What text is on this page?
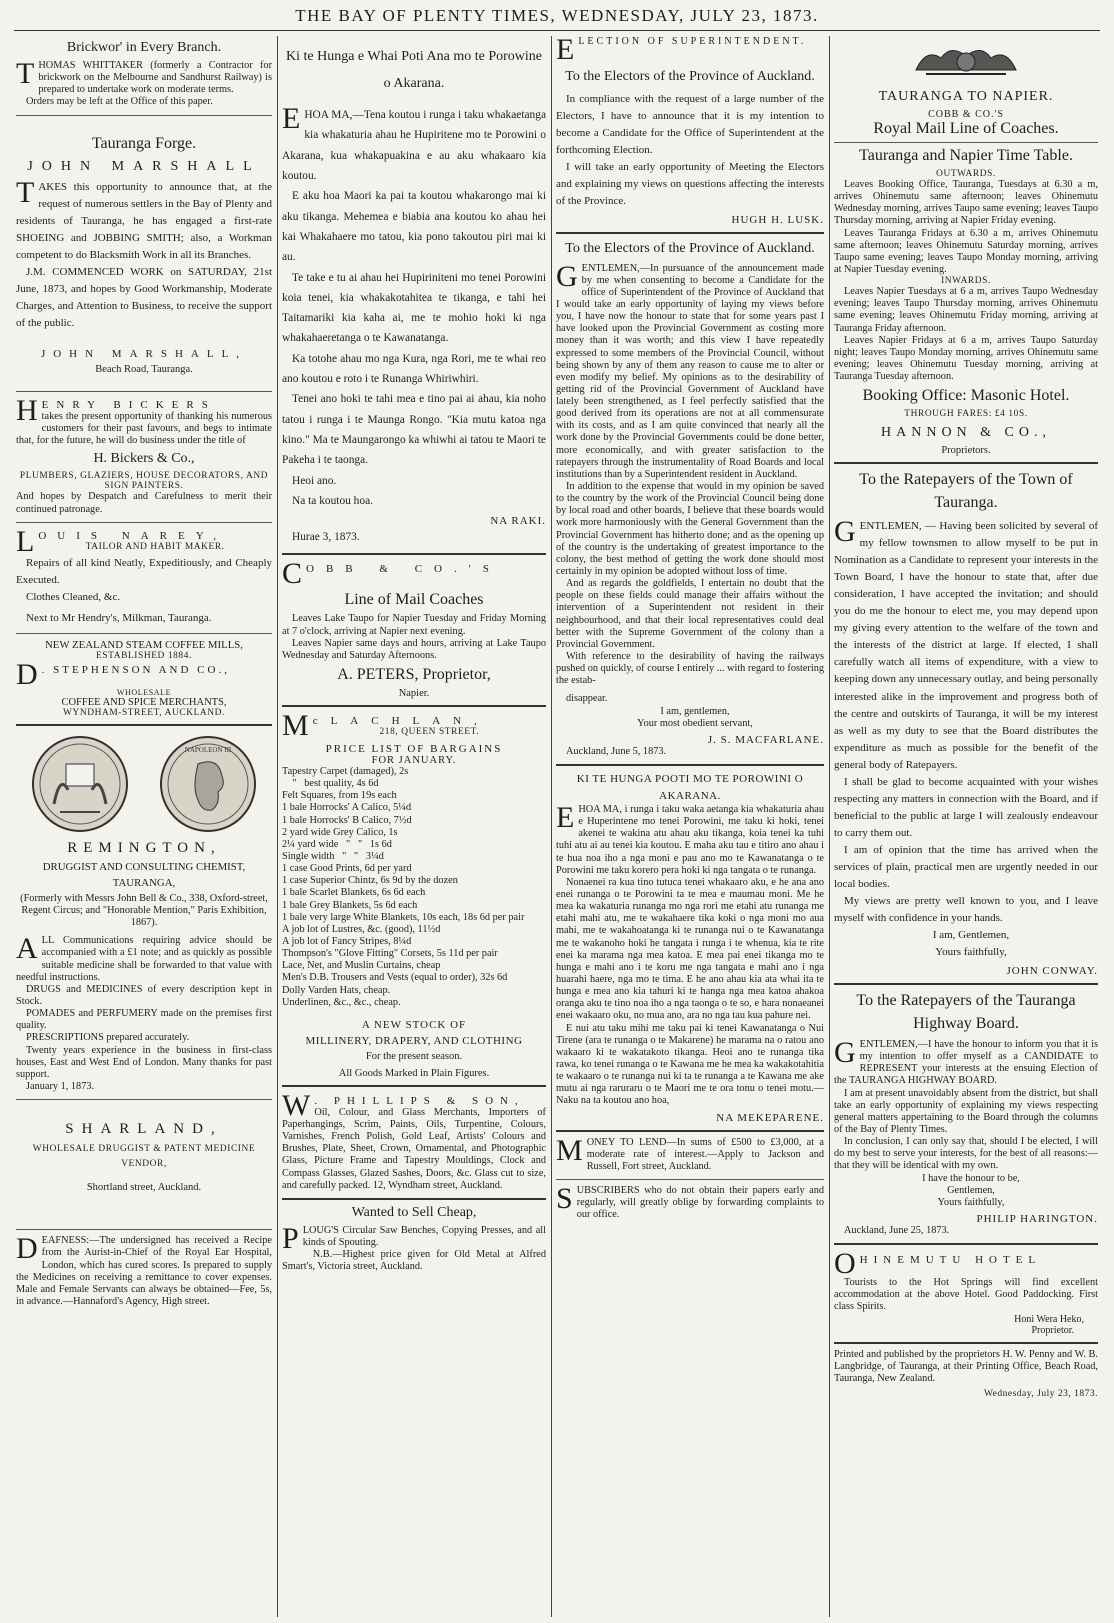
THE BAY OF PLENTY TIMES, WEDNESDAY, JULY 23, 1873.
Brickwor' in Every Branch.

THOMAS WHITTAKER (formerly a Contractor for brickwork on the Melbourne and Sandhurst Railway) is prepared to undertake work on moderate terms.

Orders may be left at the Office of this paper.

Tauranga Forge.
JOHN MARSHALL

TAKES this opportunity to announce that, at the request of numerous settlers in the Bay of Plenty and residents of Tauranga, he has engaged a first-rate SHOEING and JOBBING SMITH; also, a Workman competent to do Blacksmith Work in all its Branches.

J.M. COMMENCED WORK on SATURDAY, 21st June, 1873, and hopes by Good Workmanship, Moderate Charges, and Attention to Business, to receive the support of the public.

JOHN MARSHALL,
Beach Road, Tauranga.
H ENRY BICKERS

takes the present opportunity of thanking his numerous customers for their past favours, and begs to intimate that, for the future, he will do business under the title of

H. Bickers & Co.,
PLUMBERS, GLAZIERS, HOUSE DECORATORS, AND SIGN PAINTERS.

And hopes by Despatch and Carefulness to merit their continued patronage.

L OUIS NAREY,
TAILOR AND HABIT MAKER.

Repairs of all kind Neatly, Expeditiously, and Cheaply Executed.

Clothes Cleaned, &c.

Next to Mr Hendry's, Milkman, Tauranga.

NEW ZEALAND STEAM COFFEE MILLS,
ESTABLISHED 1884.
D . STEPHENSON AND CO.,
WHOLESALE
COFFEE AND SPICE MERCHANTS,
WYNDHAM-STREET, AUCKLAND.
NAPOLEON III
REMINGTON,
DRUGGIST AND CONSULTING CHEMIST,
TAURANGA,

(Formerly with Messrs John Bell & Co., 338, Oxford-street, Regent Circus; and "Honorable Mention," Paris Exhibition, 1867).

ALL Communications requiring advice should be accompanied with a £1 note; and as quickly as possible suitable medicine shall be forwarded to that value with needful instructions.

DRUGS and MEDICINES of every description kept in Stock.

POMADES and PERFUMERY made on the premises first quality.

PRESCRIPTIONS prepared accurately.

Twenty years experience in the business in first-class houses, East and West End of London. Many thanks for past support.

January 1, 1873.

SHARLAND,
WHOLESALE DRUGGIST & PATENT MEDICINE VENDOR,
Shortland street, Auckland.

DEAFNESS:—The undersigned has received a Recipe from the Aurist-in-Chief of the Royal Ear Hospital, London, which has cured scores. Is prepared to supply the Medicines on receiving a remittance to cover expenses. Male and Female Servants can always be obtained—Fee, 5s, in advance.—Hannaford's Agency, High street.

Ki te Hunga e Whai Poti Ana mo te Porowine o Akarana.

EHOA MA,—Tena koutou i runga i taku whakaetanga kia whakaturia ahau he Hupiritene mo te Porowini o Akarana, kua whakapuakina e au aku whakaaro kia koutou.

E aku hoa Maori ka pai ta koutou whakarongo mai ki aku tikanga. Mehemea e biabia ana koutou ko ahau hei kai Whakahaere mo tatou, kia pono takoutou piri mai ki au.

Te take e tu ai ahau hei Hupiriniteni mo tenei Porowini koia tenei, kia whakakotahitea te tikanga, e tahi hei Taitamariki kia kaha ai, me te mohio hoki ki nga whakahaeretanga o te Kawanatanga.

Ka totohe ahau mo nga Kura, nga Rori, me te whai reo ano koutou e roto i te Runanga Whiriwhiri.

Tenei ano hoki te tahi mea e tino pai ai ahau, kia noho tatou i runga i te Maunga Rongo. "Kia mutu katoa nga kino." Ma te Maungarongo ka whiwhi ai tatou te Maori te Pakeha i te taonga.

Heoi ano.

Na ta koutou hoa.

NA RAKI.

Hurae 3, 1873.

C OBB & CO.'S
Line of Mail Coaches

Leaves Lake Taupo for Napier Tuesday and Friday Morning at 7 o'clock, arriving at Napier next evening.

Leaves Napier same days and hours, arriving at Lake Taupo Wednesday and Saturday Afternoons.

A. PETERS, Proprietor,
Napier.
M cLACHLAN,
218, QUEEN STREET.
PRICE LIST OF BARGAINS
FOR JANUARY.

Tapestry Carpet (damaged), 2s

"   best quality, 4s 6d

Felt Squares, from 19s each

1 bale Horrocks' A Calico, 5¼d

1 bale Horrocks' B Calico, 7½d

2 yard wide Grey Calico, 1s

2¼ yard wide   "   "   1s 6d

Single width   "   "   3¼d

1 case Good Prints, 6d per yard

1 case Superior Chintz, 6s 9d by the dozen

1 bale Scarlet Blankets, 6s 6d each

1 bale Grey Blankets, 5s 6d each

1 bale very large White Blankets, 10s each, 18s 6d per pair

A job lot of Lustres, &c. (good), 11½d

A job lot of Fancy Stripes, 8¼d

Thompson's "Glove Fitting" Corsets, 5s 11d per pair

Lace, Net, and Muslin Curtains, cheap

Men's D.B. Trousers and Vests (equal to order), 32s 6d

Dolly Varden Hats, cheap.

Underlinen, &c., &c., cheap.

A NEW STOCK OF
MILLINERY, DRAPERY, AND CLOTHING
For the present season.
All Goods Marked in Plain Figures.
W . PHILLIPS & SON,

Oil, Colour, and Glass Merchants, Importers of Paperhangings, Scrim, Paints, Oils, Turpentine, Colours, Varnishes, French Polish, Gold Leaf, Artists' Colours and Brushes, Plate, Sheet, Crown, Ornamental, and Photographic Glass, Picture Frame and Tapestry Mouldings, Clock and Compass Glasses, Glazed Sashes, Doors, &c. Glass cut to size, and carefully packed. 12, Wyndham street, Auckland.

Wanted to Sell Cheap,

PLOUG'S Circular Saw Benches, Copying Presses, and all kinds of Spouting.

N.B.—Highest price given for Old Metal at Alfred Smart's, Victoria street, Auckland.

E LECTION OF SUPERINTENDENT.
To the Electors of the Province of Auckland.

In compliance with the request of a large number of the Electors, I have to announce that it is my intention to become a Candidate for the Office of Superintendent at the forthcoming Election.

I will take an early opportunity of Meeting the Electors and explaining my views on questions affecting the interests of the Province.

HUGH H. LUSK.
To the Electors of the Province of Auckland.

GENTLEMEN,—In pursuance of the announcement made by me when consenting to become a Candidate for the office of Superintendent of the Province of Auckland that I would take an early opportunity of laying my views before you, I have now the honour to state that for some years past I have looked upon the Provincial Government as costing more money than it was worth; and this view I have repeatedly expressed to some members of the Provincial Council, without being shown by any of them any reason to cause me to alter or even modify my belief. My opinions as to the desirability of getting rid of the Provincial Government of Auckland have lately been strengthened, as I feel perfectly satisfied that the good derived from its operations are not at all commensurate with its costs, and as I am quite convinced that nearly all the work done by the Provincial Governments could be done better, more economically, and with greater satisfaction to the ratepayers through the instrumentality of Road Boards and local institutions than by a Superintendent resident in Auckland.

In addition to the expense that would in my opinion be saved to the country by the work of the Provincial Council being done by local road and other boards, I believe that these boards would work more harmoniously with the General Government than the Provincial Government has hitherto done; and as the opening up of the country is the undertaking of greatest importance to the colony, the best method of getting the work done should most certainly in my opinion be adopted without loss of time.

And as regards the goldfields, I entertain no doubt that the people on these fields could manage their affairs without the intervention of a Superintendent not resident in their neighbourhood, and that their local representatives could deal better with the Supreme Government of the colony than a Provincial Government.

With reference to the desirability of having the railways pushed on quickly, of course I entirely ... with regard to fostering the estab-

disappear.

I am, gentlemen,

Your most obedient servant,

J. S. MACFARLANE.

Auckland, June 5, 1873.

KI TE HUNGA POOTI MO TE POROWINI O AKARANA.

EHOA MA, i runga i taku waka aetanga kia whakaturia ahau e Huperintene mo tenei Porowini, me taku ki hoki, tenei akenei te wakina atu ahau aku tikanga, koia tenei ka tuhi tuhi atu ai au tenei kia koutou. E maha aku tau e titiro ano ahau i te hua noa iho a nga moni e pau ano mo te Kawanatanga o te Porowini me taku korero pera hoki ki nga tangata o te runanga.

Nonaenei ra kua tino tutuca tenei whakaaro aku, e he ana ano enei runanga o te Porowini ta te mea e maumau moni. Me he mea ka wakaturia runanga mo nga rori me etahi atu runanga me etahi mahi atu, me te wakahaere tika koki o nga moni mo aua mahi, me te wakahoatanga ki te runanga nui o te Kawanatanga me te wakanoho hoki he tangata i runga i te whenua, kia te rite enei ka marama nga mea katoa. E mea pai enei tikanga mo te hunga e mahi ano i te koru me nga tangata e mahi ano i nga huarahi haere, nga mo te tima. E he ano ahau kia ata whai ita te hunga e mea ano kia tahuri ki te hanga nga mea katoa ahakoa oranga aku te tino noa iho a nga taonga o te so, e hara nonaeanei enei wakaaro oku, no mua ano, ara no nga tau kua pahure nei.

E nui atu taku mihi me taku pai ki tenei Kawanatanga o Nui Tirene (ara te runanga o te Makarene) he marama na o ratou ano wakaaro ki te wakatakoto tikanga. Heoi ano te runanga tika rawa, ko tenei runanga o te Kawana me he mea ka wakakotahitia te wakaaro o te runanga nui ki ta te runanga a te Kawana me ake mutu ai nga raruraru o te Maori me te ora tonu o tenei motu.—Naku na ta koutou ano hoa,

NA MEKEPARENE.

MONEY TO LEND—In sums of £500 to £3,000, at a moderate rate of interest.—Apply to Jackson and Russell, Fort street, Auckland.

SUBSCRIBERS who do not obtain their papers early and regularly, will greatly oblige by forwarding complaints to our office.

TAURANGA TO NAPIER.
COBB & CO.'S
Royal Mail Line of Coaches.
Tauranga and Napier Time Table.
OUTWARDS.

Leaves Booking Office, Tauranga, Tuesdays at 6.30 a m, arrives Ohinemutu same afternoon; leaves Ohinemutu Wednesday morning, arrives Taupo same evening; leaves Taupo Thursday morning, arriving at Napier Friday evening.

Leaves Tauranga Fridays at 6.30 a m, arrives Ohinemutu same afternoon; leaves Ohinemutu Saturday morning, arrives Taupo same evening; leaves Taupo Monday morning, arriving at Napier Tuesday evening.

INWARDS.

Leaves Napier Tuesdays at 6 a m, arrives Taupo Wednesday evening; leaves Taupo Thursday morning, arrives Ohinemutu same evening; leaves Ohinemutu Friday morning, arriving at Tauranga Friday afternoon.

Leaves Napier Fridays at 6 a m, arrives Taupo Saturday night; leaves Taupo Monday morning, arrives Ohinemutu same evening; leaves Ohinemutu Tuesday morning, arriving at Tauranga Tuesday afternoon.

Booking Office: Masonic Hotel.
THROUGH FARES: £4 10S.
HANNON & CO.,
Proprietors.
To the Ratepayers of the Town of Tauranga.

GENTLEMEN, — Having been solicited by several of my fellow townsmen to allow myself to be put in Nomination as a Candidate to represent your interests in the Town Board, I have the honour to state that, after due consideration, I have accepted the invitation; and should you do me the honour to elect me, you may depend upon my giving every attention to the welfare of the town and the interests of the district at large. If elected, I shall carefully watch all items of expenditure, with a view to keeping down any unnecessary outlay, and being personally interested alike in the improvement and progress both of the centre and outskirts of Tauranga, it will be my interest as well as my duty to see that the Board distributes the expenditure as much as possible for the benefit of the general body of Ratepayers.

I shall be glad to become acquainted with your wishes respecting any matters in connection with the Board, and if beneficial to the public at large I will zealously endeavour to carry them out.

I am of opinion that the time has arrived when the services of plain, practical men are urgently needed in our local bodies.

My views are pretty well known to you, and I leave myself with confidence in your hands.

I am, Gentlemen,

Yours faithfully,

JOHN CONWAY.
To the Ratepayers of the Tauranga Highway Board.

GENTLEMEN,—I have the honour to inform you that it is my intention to offer myself as a CANDIDATE to REPRESENT your interests at the ensuing Election of the TAURANGA HIGHWAY BOARD.

I am at present unavoidably absent from the district, but shall take an early opportunity of explaining my views respecting general matters appertaining to the Board through the columns of the Bay of Plenty Times.

In conclusion, I can only say that, should I be elected, I will do my best to serve your interests, for the best of all reasons:—that they will be identical with my own.

I have the honour to be,

Gentlemen,

Yours faithfully,

PHILIP HARINGTON.

Auckland, June 25, 1873.

O HINEMUTU HOTEL

Tourists to the Hot Springs will find excellent accommodation at the above Hotel. Good Paddocking. First class Spirits.

Honi Wera Heko,
Proprietor.

Printed and published by the proprietors H. W. Penny and W. B. Langbridge, of Tauranga, at their Printing Office, Beach Road, Tauranga, New Zealand.

Wednesday, July 23, 1873.
